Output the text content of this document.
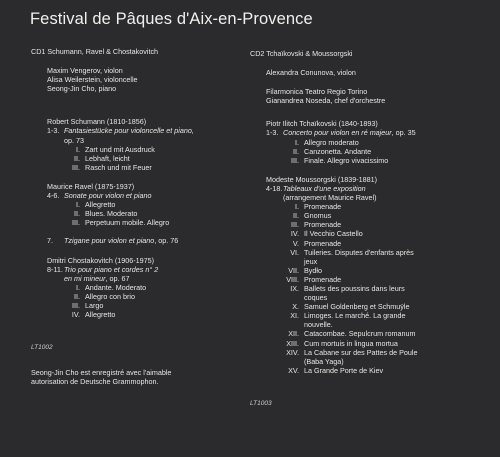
Festival de Pâques d'Aix-en-Provence
CD1 Schumann, Ravel & Chostakovitch
Maxim Vengerov, violon
Alisa Weilerstein, violoncelle
Seong-Jin Cho, piano
Robert Schumann (1810-1856)
1-3. Fantasiestücke pour violoncelle et piano,
op. 73
I. Zart und mit Ausdruck
II. Lebhaft, leicht
III. Rasch und mit Feuer
Maurice Ravel (1875-1937)
4-6. Sonate pour violon et piano
I. Allegretto
II. Blues. Moderato
III. Perpetuum mobile. Allegro
7.	Tzigane pour violon et piano, op. 76
Dmitri Chostakovitch (1906-1975)
8-11. Trio pour piano et cordes n° 2
en mi mineur, op. 67
I. Andante. Moderato
II. Allegro con brio
III. Largo
IV. Allegretto
LT1002
Seong-Jin Cho est enregistré avec l'aimable
autorisation de Deutsche Grammophon.
CD2 Tchaïkovski & Moussorgski
Alexandra Conunova, violon
Filarmonica Teatro Regio Torino
Gianandrea Noseda, chef d'orchestre
Piotr Ilitch Tchaïkovski (1840-1893)
1-3. Concerto pour violon en ré majeur, op. 35
I. Allegro moderato
II. Canzonetta. Andante
III. Finale. Allegro vivacissimo
Modeste Moussorgski (1839-1881)
4-18. Tableaux d'une exposition
(arrangement Maurice Ravel)
I. Promenade
II. Gnomus
III. Promenade
IV. Il Vecchio Castello
V. Promenade
VI. Tuileries. Disputes d'enfants après
jeux
VII. Bydło
VIII. Promenade
IX. Ballets des poussins dans leurs
coques
X. Samuel Goldenberg et Schmuÿle
XI. Limoges. Le marché. La grande
nouvelle.
XII. Catacombae. Sepulcrum romanum
XIII. Cum mortuis in lingua mortua
XIV. La Cabane sur des Pattes de Poule
(Baba Yaga)
XV. La Grande Porte de Kiev
LT1003
